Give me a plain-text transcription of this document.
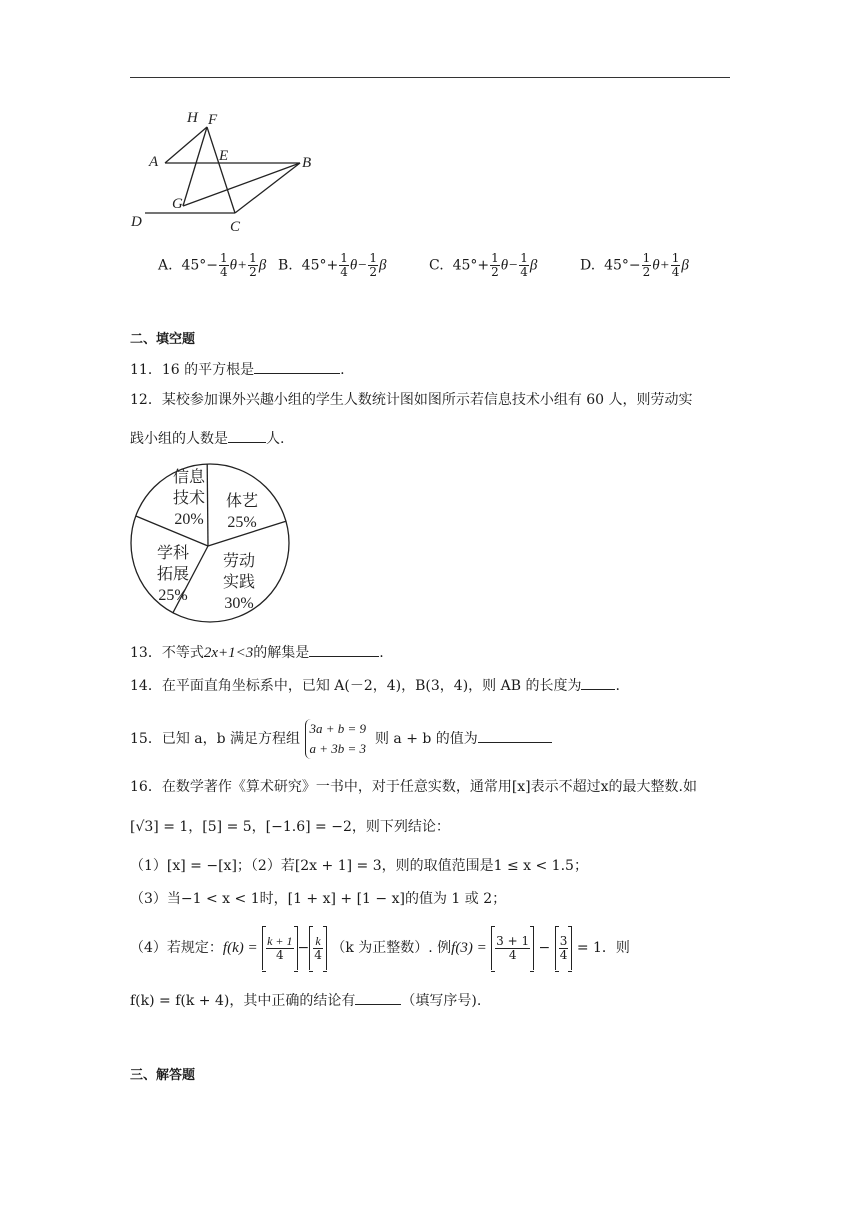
H F
A	E	B
G
D	C
A. $45^\circ- \frac{1}{4} \theta+ \frac{1}{2}$ β B. $45^\circ+ \frac{1}{4} \theta- \frac{1}{2}$ β	C. $45^\circ+ \frac{1}{2} \theta- \frac{1}{4}$ β	D. $45^\circ- \frac{1}{2} \theta+ \frac{1}{4}$ β
二、填空题
11．16 的平方根是	.
12．某校参加课外兴趣小组的学生人数统计图如图所示若信息技术小组有 60 人，则劳动实
践小组的人数是	人.
体艺
25%
劳动
实践
30%
学科
拓展
25%
信息
技术
20%
13．不等式2x+1<3的解集是	.
14．在平面直角坐标系中，已知 A(－2，4)，B(3，4)，则 AB 的长度为 .
15．已知 a，b 满足方程组 3a + b = 9
a + 3b = 3  则 a + b 的值为
16．在数学著作《算术研究》一书中，对于任意实数，通常用[x]表示不超过x的最大整数.如
[√3] = 1，[5] = 5，[−1.6] = −2，则下列结论：
（1）[x] = −[x]；（2）若[2x + 1] = 3，则的取值范围是1 ≤ x < 1.5；
（3）当−1 < x < 1时，[1 + x] + [1 − x]的值为 1 或 2；
（4）若规定：$f(k) = \frac{k + 1}{4} - \frac{k}{4} (k$ 为正整数）. 例$f(3) = \frac{3 + 1}{4} - \frac{3}{4} = 1$．则
f(k) = f(k + 4)，其中正确的结论有	（填写序号).
三、解答题
